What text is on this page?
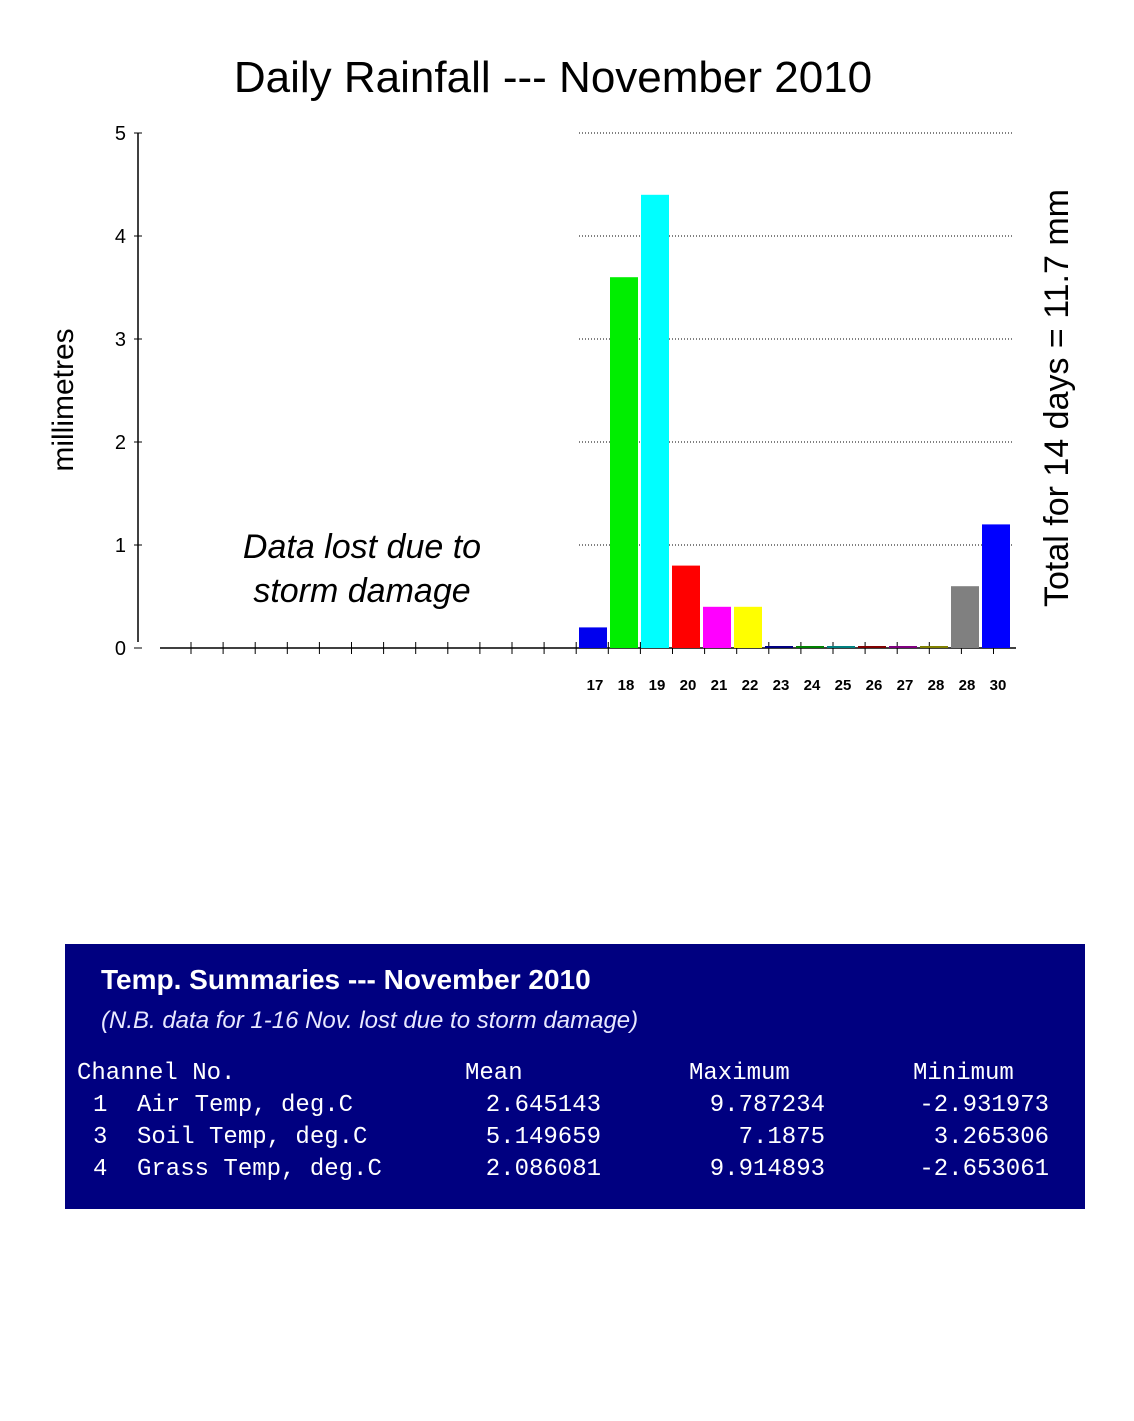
Daily Rainfall --- November 2010
millimetres	Total for 14 days = 11.7 mm
Data lost due to
storm damage
0
1
2
3
4
5
17 18 19 20 21 22 23 24 25 26 27 28 28 30
Temp. Summaries --- November 2010
(N.B. data for 1-16 Nov. lost due to storm damage)
Channel No.	Mean	Maximum	Minimum
1 Air Temp, deg.C	2.645143	9.787234	-2.931973
3 Soil Temp, deg.C	5.149659	7.1875	3.265306
4 Grass Temp, deg.C	2.086081	9.914893	-2.653061
